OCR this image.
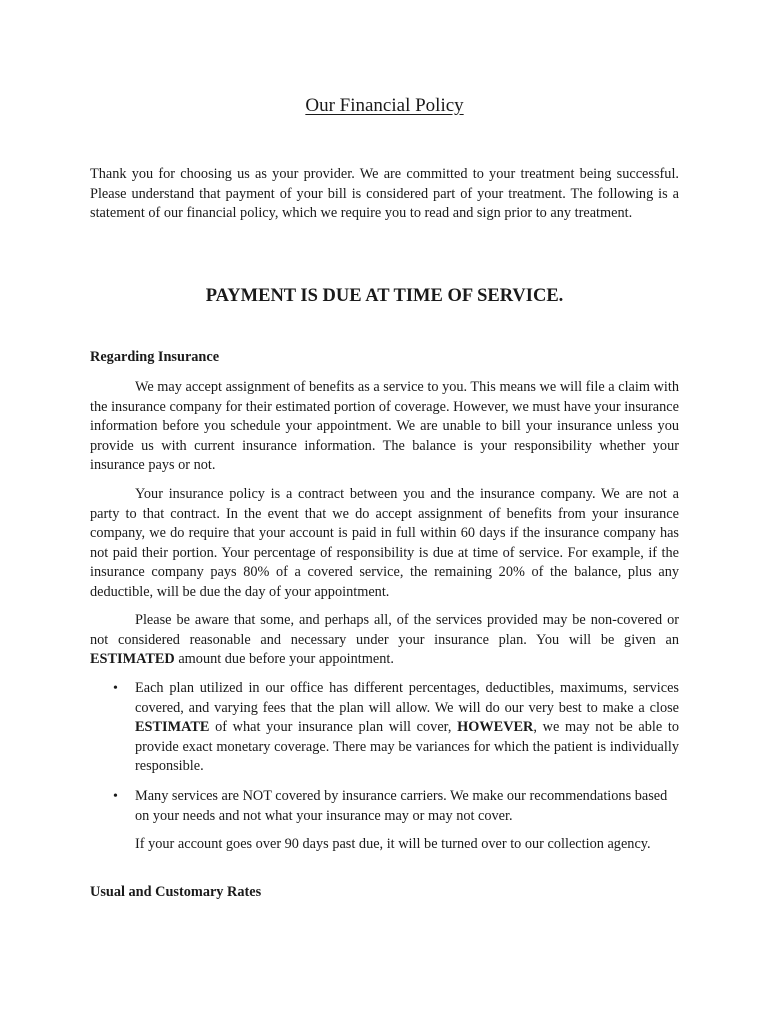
Our Financial Policy

Thank you for choosing us as your provider. We are committed to your treatment being successful. Please understand that payment of your bill is considered part of your treatment. The following is a statement of our financial policy, which we require you to read and sign prior to any treatment.

PAYMENT IS DUE AT TIME OF SERVICE.
Regarding Insurance

We may accept assignment of benefits as a service to you. This means we will file a claim with the insurance company for their estimated portion of coverage. However, we must have your insurance information before you schedule your appointment. We are unable to bill your insurance unless you provide us with current insurance information. The balance is your responsibility whether your insurance pays or not.

Your insurance policy is a contract between you and the insurance company. We are not a party to that contract. In the event that we do accept assignment of benefits from your insurance company, we do require that your account is paid in full within 60 days if the insurance company has not paid their portion. Your percentage of responsibility is due at time of service. For example, if the insurance company pays 80% of a covered service, the remaining 20% of the balance, plus any deductible, will be due the day of your appointment.

Please be aware that some, and perhaps all, of the services provided may be non-covered or not considered reasonable and necessary under your insurance plan. You will be given an ESTIMATED amount due before your appointment.

• Each plan utilized in our office has different percentages, deductibles, maximums, services covered, and varying fees that the plan will allow. We will do our very best to make a close ESTIMATE of what your insurance plan will cover, HOWEVER, we may not be able to provide exact monetary coverage. There may be variances for which the patient is individually responsible.
• Many services are NOT covered by insurance carriers. We make our recommendations based on your needs and not what your insurance may or may not cover.

If your account goes over 90 days past due, it will be turned over to our collection agency.

Usual and Customary Rates
